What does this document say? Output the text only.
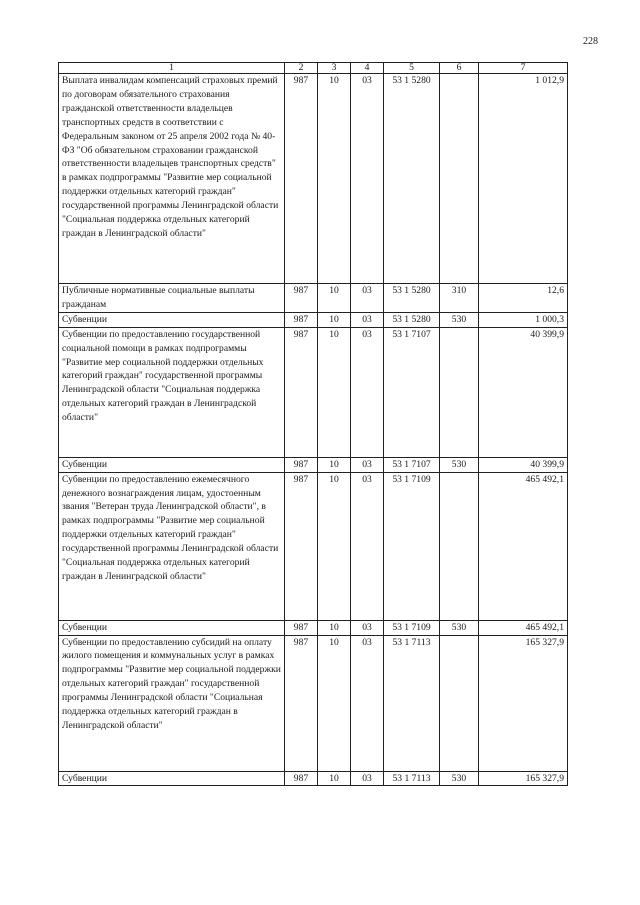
228
1	2	3	4	5	6	7
Выплата инвалидам компенсаций страховых премий по договорам обязательного страхования гражданской ответственности владельцев транспортных средств в соответствии с Федеральным законом от 25 апреля 2002 года № 40-ФЗ "Об обязательном страховании гражданской ответственности владельцев транспортных средств" в рамках подпрограммы "Развитие мер социальной поддержки отдельных категорий граждан" государственной программы Ленинградской области "Социальная поддержка отдельных категорий граждан в Ленинградской области"	987	10	03	53 1 5280		1 012,9
Публичные нормативные социальные выплаты гражданам	987	10	03	53 1 5280	310	12,6
Субвенции	987	10	03	53 1 5280	530	1 000,3
Субвенции по предоставлению государственной социальной помощи в рамках подпрограммы "Развитие мер социальной поддержки отдельных категорий граждан" государственной программы Ленинградской области "Социальная поддержка отдельных категорий граждан в Ленинградской области"	987	10	03	53 1 7107		40 399,9
Субвенции	987	10	03	53 1 7107	530	40 399,9
Субвенции по предоставлению ежемесячного денежного вознаграждения лицам, удостоенным звания "Ветеран труда Ленинградской области", в рамках подпрограммы "Развитие мер социальной поддержки отдельных категорий граждан" государственной программы Ленинградской области "Социальная поддержка отдельных категорий граждан в Ленинградской области"	987	10	03	53 1 7109		465 492,1
Субвенции	987	10	03	53 1 7109	530	465 492,1
Субвенции по предоставлению субсидий на оплату жилого помещения и коммунальных услуг в рамках подпрограммы "Развитие мер социальной поддержки отдельных категорий граждан" государственной программы Ленинградской области "Социальная поддержка отдельных категорий граждан в Ленинградской области"	987	10	03	53 1 7113		165 327,9
Субвенции	987	10	03	53 1 7113	530	165 327,9
